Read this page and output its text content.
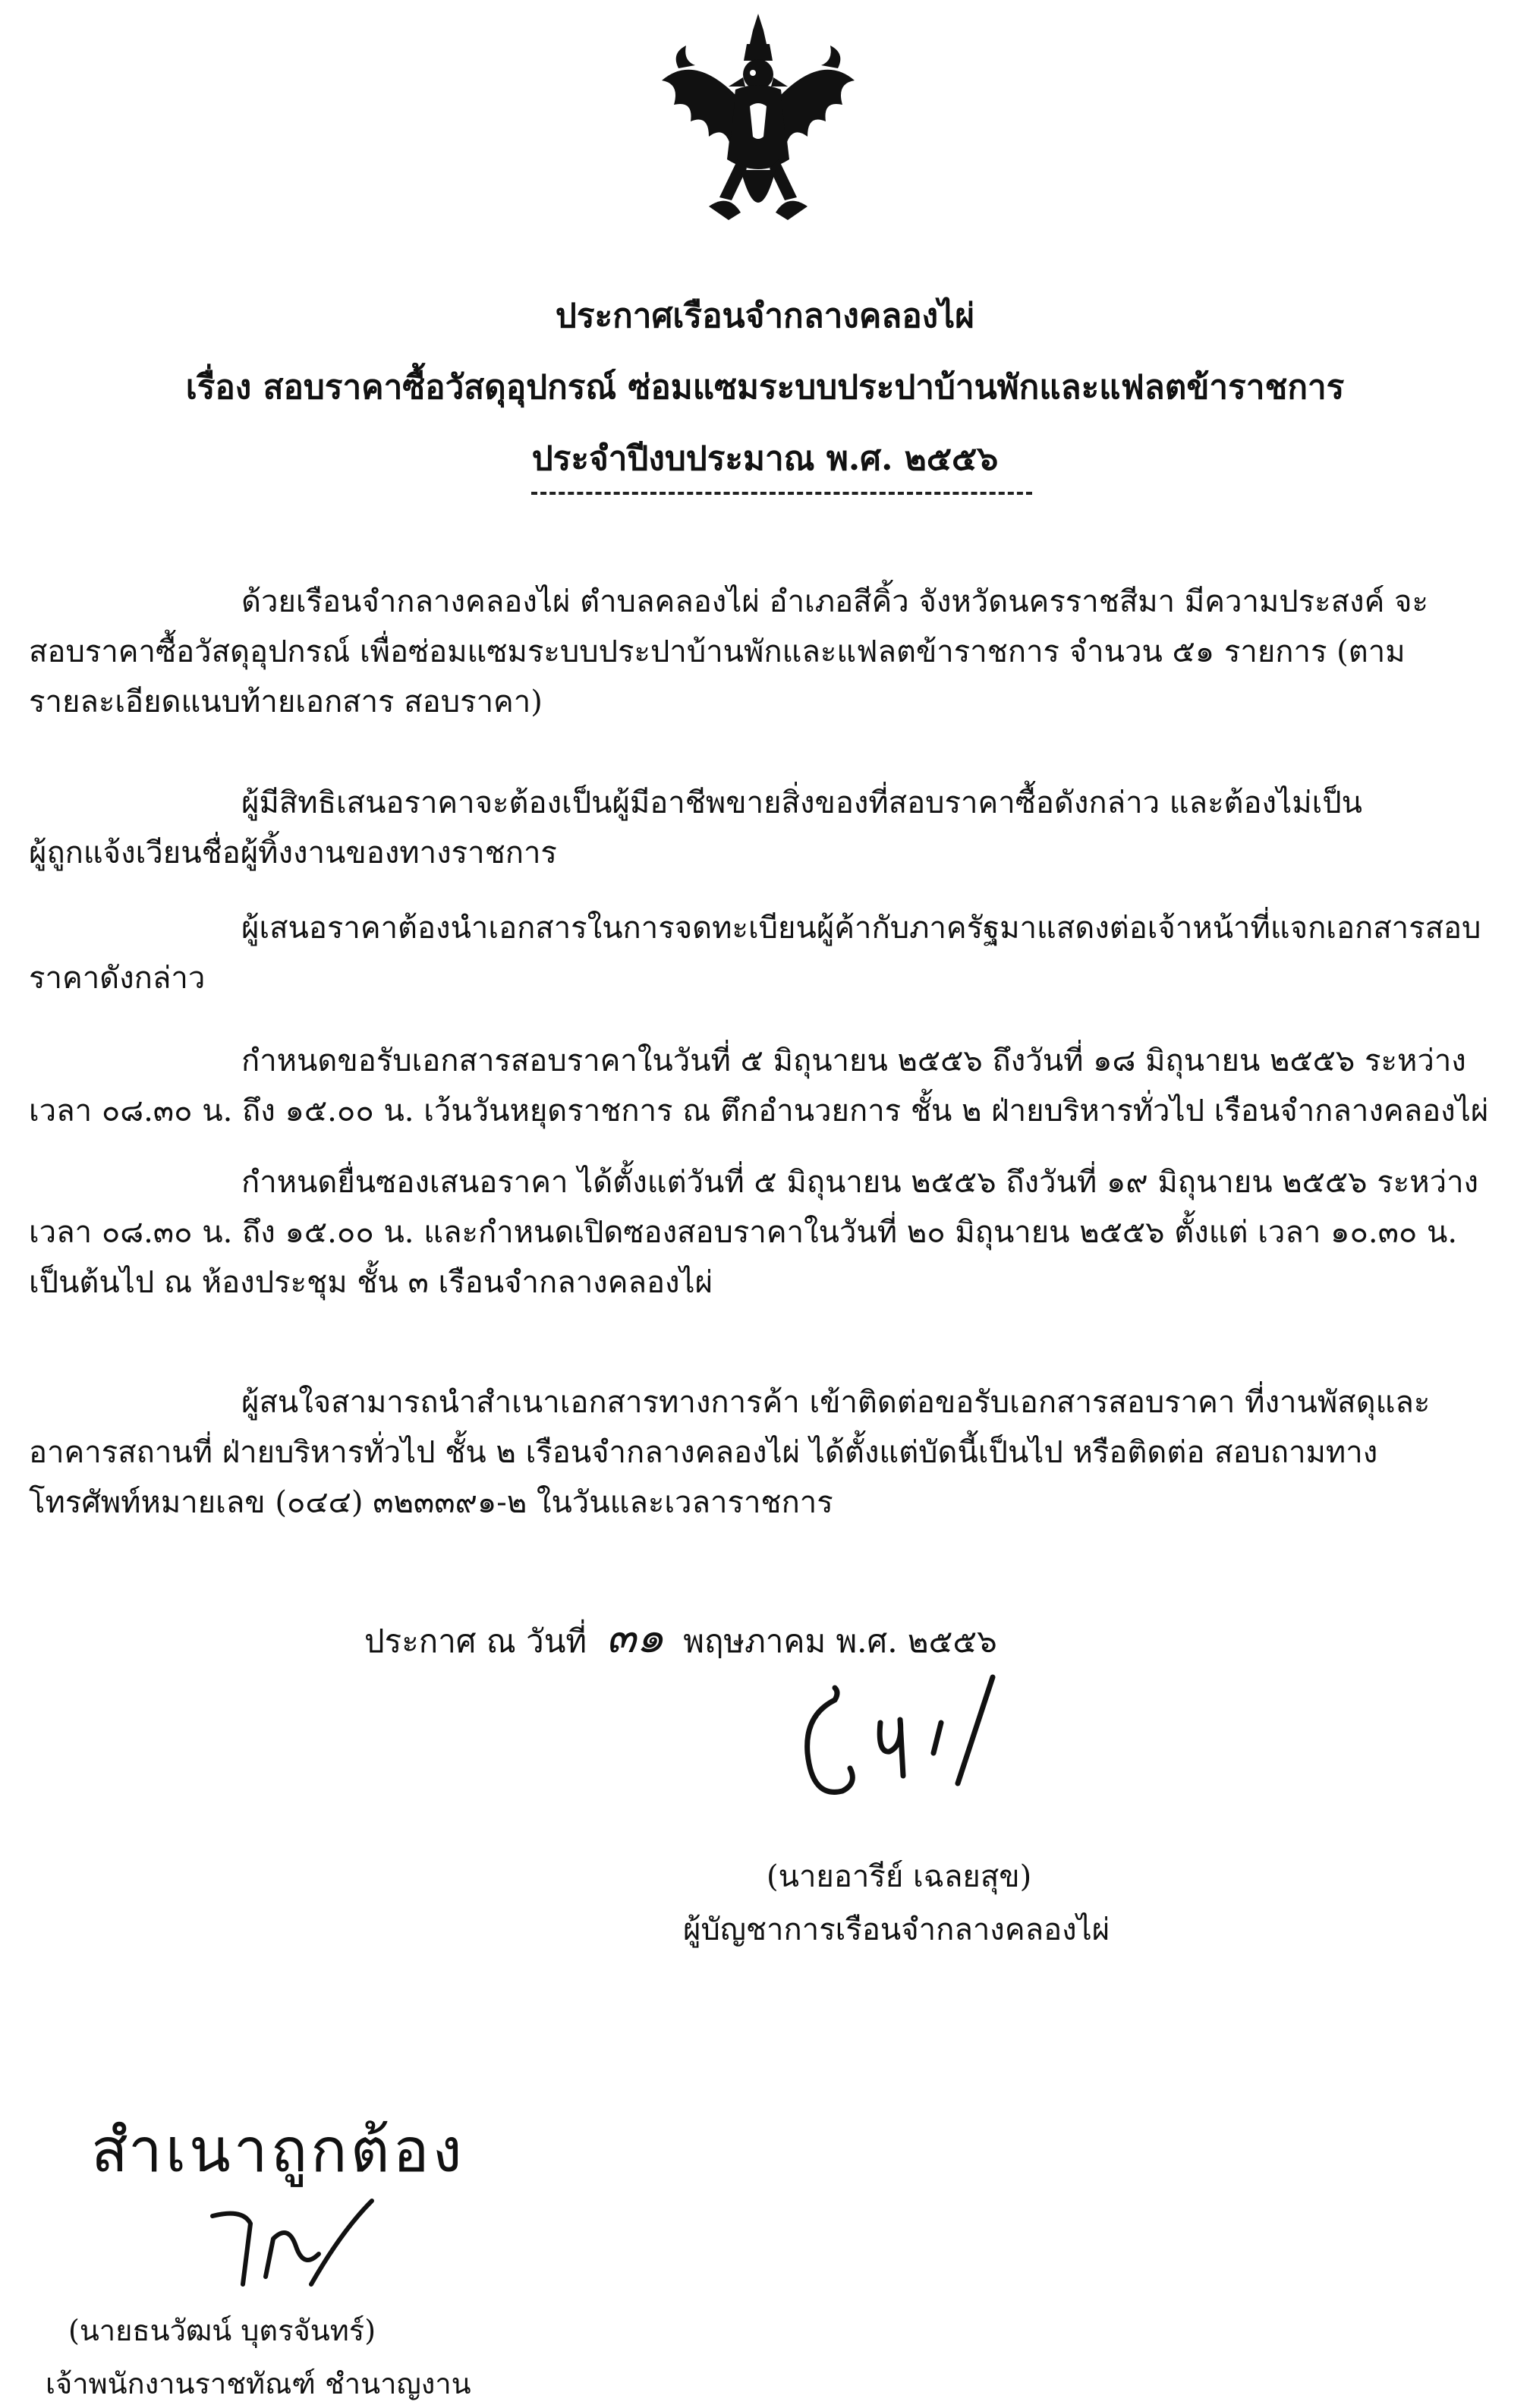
ประกาศเรือนจำกลางคลองไผ่
เรื่อง สอบราคาซื้อวัสดุอุปกรณ์ ซ่อมแซมระบบประปาบ้านพักและแฟลตข้าราชการ
ประจำปีงบประมาณ พ.ศ. ๒๕๕๖
ด้วยเรือนจำกลางคลองไผ่ ตำบลคลองไผ่ อำเภอสีคิ้ว จังหวัดนครราชสีมา มีความประสงค์ จะ
สอบราคาซื้อวัสดุอุปกรณ์ เพื่อซ่อมแซมระบบประปาบ้านพักและแฟลตข้าราชการ จำนวน ๕๑ รายการ (ตาม
รายละเอียดแนบท้ายเอกสาร สอบราคา)
ผู้มีสิทธิเสนอราคาจะต้องเป็นผู้มีอาชีพขายสิ่งของที่สอบราคาซื้อดังกล่าว และต้องไม่เป็น
ผู้ถูกแจ้งเวียนชื่อผู้ทิ้งงานของทางราชการ
ผู้เสนอราคาต้องนำเอกสารในการจดทะเบียนผู้ค้ากับภาครัฐมาแสดงต่อเจ้าหน้าที่แจกเอกสารสอบ
ราคาดังกล่าว
กำหนดขอรับเอกสารสอบราคาในวันที่ ๕ มิถุนายน ๒๕๕๖ ถึงวันที่ ๑๘ มิถุนายน ๒๕๕๖ ระหว่าง
เวลา ๐๘.๓๐ น. ถึง ๑๕.๐๐ น. เว้นวันหยุดราชการ ณ ตึกอำนวยการ ชั้น ๒ ฝ่ายบริหารทั่วไป เรือนจำกลางคลองไผ่
กำหนดยื่นซองเสนอราคา ได้ตั้งแต่วันที่ ๕ มิถุนายน ๒๕๕๖ ถึงวันที่ ๑๙ มิถุนายน ๒๕๕๖ ระหว่าง
เวลา ๐๘.๓๐ น. ถึง ๑๕.๐๐ น. และกำหนดเปิดซองสอบราคาในวันที่ ๒๐ มิถุนายน ๒๕๕๖ ตั้งแต่ เวลา ๑๐.๓๐ น.
เป็นต้นไป ณ ห้องประชุม ชั้น ๓ เรือนจำกลางคลองไผ่
ผู้สนใจสามารถนำสำเนาเอกสารทางการค้า เข้าติดต่อขอรับเอกสารสอบราคา ที่งานพัสดุและ
อาคารสถานที่ ฝ่ายบริหารทั่วไป ชั้น ๒ เรือนจำกลางคลองไผ่ ได้ตั้งแต่บัดนี้เป็นไป หรือติดต่อ สอบถามทาง
โทรศัพท์หมายเลข (๐๔๔) ๓๒๓๓๙๑-๒ ในวันและเวลาราชการ
ประกาศ ณ วันที่ ๓๑ พฤษภาคม พ.ศ. ๒๕๕๖
(นายอารีย์ เฉลยสุข)
ผู้บัญชาการเรือนจำกลางคลองไผ่
สำเนาถูกต้อง
(นายธนวัฒน์ บุตรจันทร์)
เจ้าพนักงานราชทัณฑ์ ชำนาญงาน
